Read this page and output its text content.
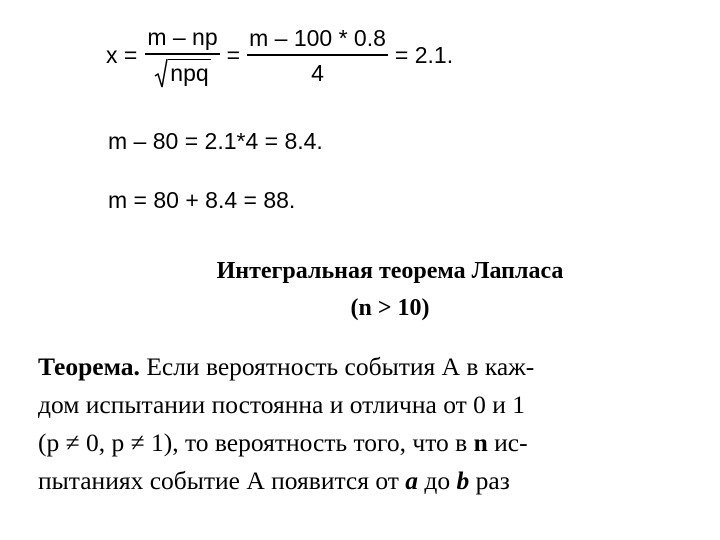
$x = \frac{m - np}{\text{npq}} = \frac{m - 100 * 0.8}{4} = 2.1$.
m – 80 = 2.1*4 = 8.4.
m = 80 + 8.4 = 88.
Интегральная теорема Лапласа
(n > 10)
Теорема. Если вероятность события А в каж-
дом испытании постоянна и отлична от 0 и 1
(p ≠ 0, p ≠ 1), то вероятность того, что в n ис-
пытаниях событие А появится от a до b раз
